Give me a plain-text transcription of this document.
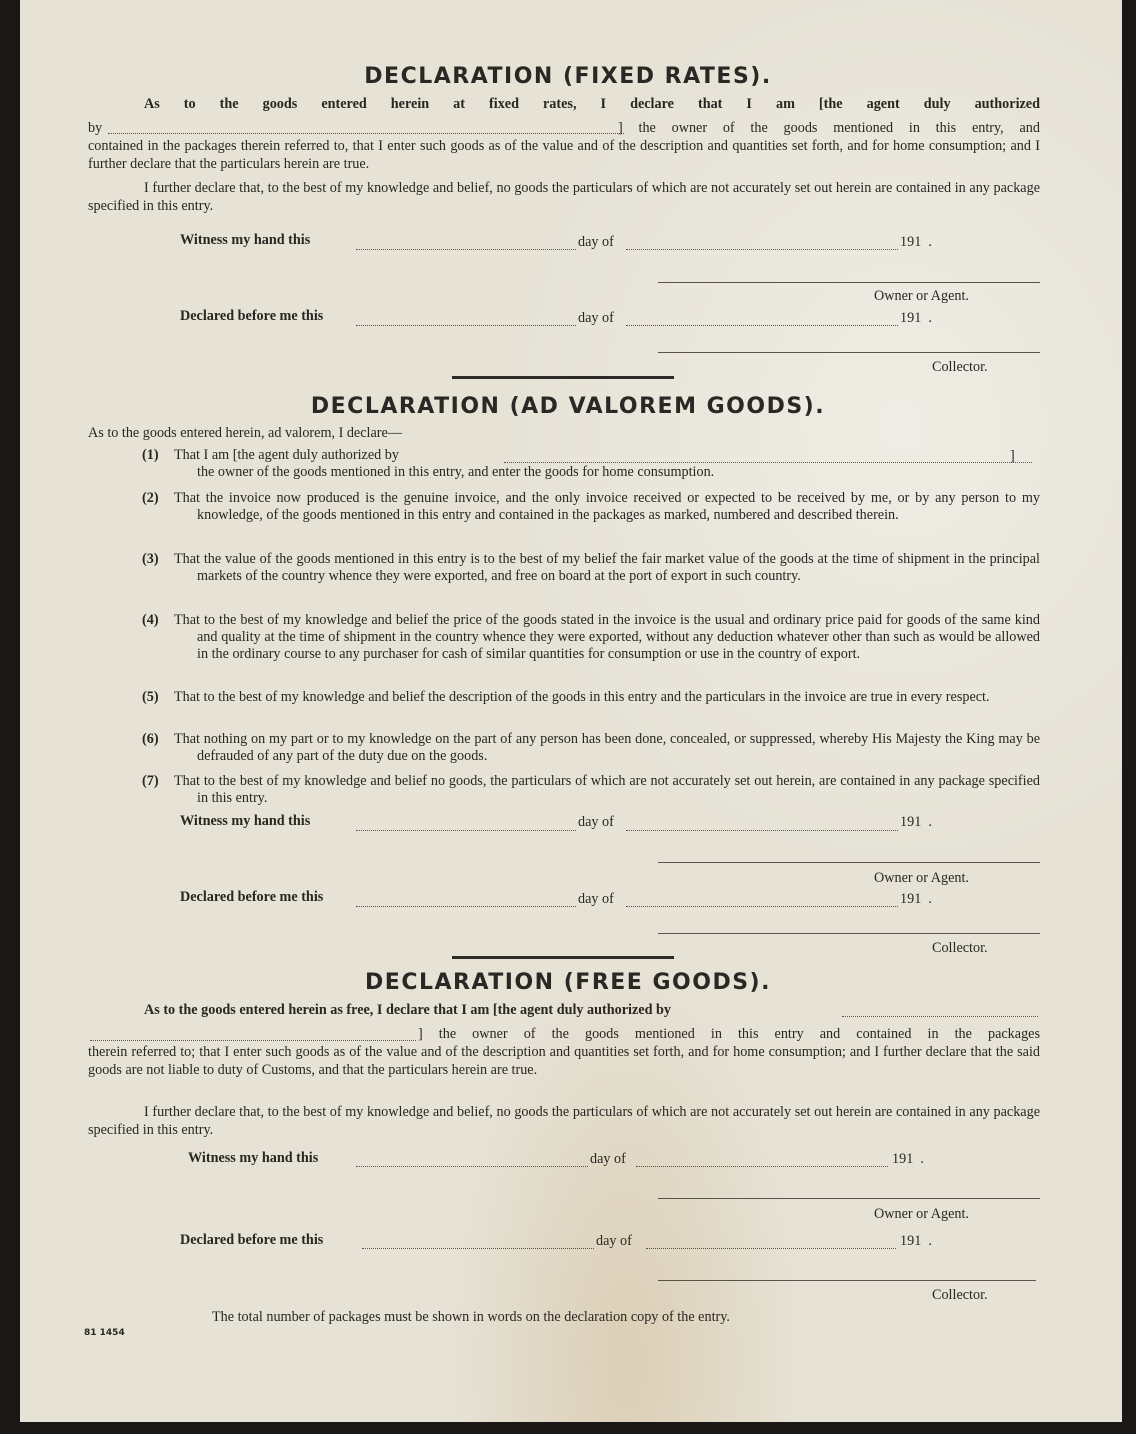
DECLARATION (FIXED RATES).
As to the goods entered herein at fixed rates, I declare that I am [the agent duly authorized
by	] the owner of the goods mentioned in this entry, and
contained in the packages therein referred to, that I enter such goods as of the value and of the description and quantities set forth, and for home consumption; and I further declare that the particulars herein are true.
I further declare that, to the best of my knowledge and belief, no goods the particulars of which are not accurately set out herein are contained in any package specified in this entry.
Witness my hand this	day of	191  .
Owner or Agent.
Declared before me this	day of	191  .
Collector.
DECLARATION (AD VALOREM GOODS).
As to the goods entered herein, ad valorem, I declare—
(1) That I am [the agent duly authorized by	]
the owner of the goods mentioned in this entry, and enter the goods for home consumption.
(2) That the invoice now produced is the genuine invoice, and the only invoice received or expected to be received by me, or by any person to my knowledge, of the goods mentioned in this entry and contained in the packages as marked, numbered and described therein.
(3) That the value of the goods mentioned in this entry is to the best of my belief the fair market value of the goods at the time of shipment in the principal markets of the country whence they were exported, and free on board at the port of export in such country.
(4) That to the best of my knowledge and belief the price of the goods stated in the invoice is the usual and ordinary price paid for goods of the same kind and quality at the time of shipment in the country whence they were exported, without any deduction whatever other than such as would be allowed in the ordinary course to any purchaser for cash of similar quantities for consumption or use in the country of export.
(5) That to the best of my knowledge and belief the description of the goods in this entry and the particulars in the invoice are true in every respect.
(6) That nothing on my part or to my knowledge on the part of any person has been done, concealed, or suppressed, whereby His Majesty the King may be defrauded of any part of the duty due on the goods.
(7) That to the best of my knowledge and belief no goods, the particulars of which are not accurately set out herein, are contained in any package specified in this entry.
Witness my hand this	day of	191  .
Owner or Agent.
Declared before me this	day of	191  .
Collector.
DECLARATION (FREE GOODS).
As to the goods entered herein as free, I declare that I am [the agent duly authorized by
] the owner of the goods mentioned in this entry and contained in the packages
therein referred to; that I enter such goods as of the value and of the description and quantities set forth, and for home consumption; and I further declare that the said goods are not liable to duty of Customs, and that the particulars herein are true.
I further declare that, to the best of my knowledge and belief, no goods the particulars of which are not accurately set out herein are contained in any package specified in this entry.
Witness my hand this	day of	191  .
Owner or Agent.
Declared before me this	day of	191  .
Collector.
The total number of packages must be shown in words on the declaration copy of the entry.
81 1454
